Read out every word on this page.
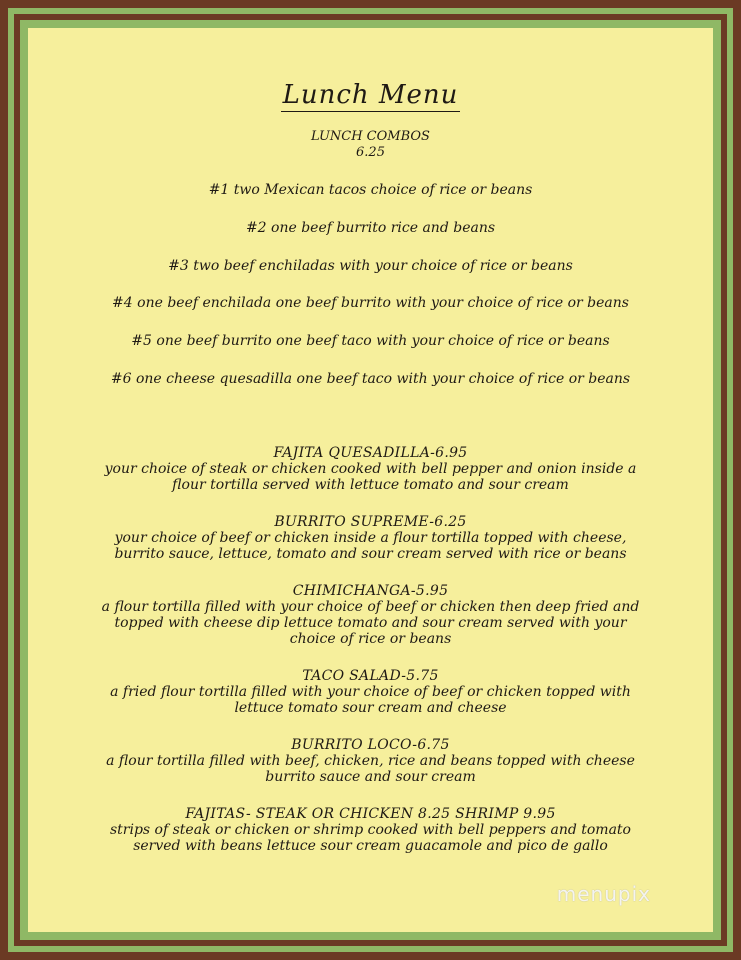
Lunch Menu
LUNCH COMBOS
6.25
#1 two Mexican tacos choice of rice or beans
#2 one beef burrito rice and beans
#3 two beef enchiladas with your choice of rice or beans
#4 one beef enchilada one beef burrito with your choice of rice or beans
#5 one beef burrito one beef taco with your choice of rice or beans
#6 one cheese quesadilla one beef taco with your choice of rice or beans
FAJITA QUESADILLA-6.95
your choice of steak or chicken cooked with bell pepper and onion inside a flour tortilla served with lettuce tomato and sour cream
BURRITO SUPREME-6.25
your choice of beef or chicken inside a flour tortilla topped with cheese, burrito sauce, lettuce, tomato and sour cream served with rice or beans
CHIMICHANGA-5.95
a flour tortilla filled with your choice of beef or chicken then deep fried and topped with cheese dip lettuce tomato and sour cream served with your choice of rice or beans
TACO SALAD-5.75
a fried flour tortilla filled with your choice of beef or chicken topped with lettuce tomato sour cream and cheese
BURRITO LOCO-6.75
a flour tortilla filled with beef, chicken, rice and beans topped with cheese burrito sauce and sour cream
FAJITAS- STEAK OR CHICKEN 8.25 SHRIMP 9.95
strips of steak or chicken or shrimp cooked with bell peppers and tomato served with beans lettuce sour cream guacamole and pico de gallo
menupix
